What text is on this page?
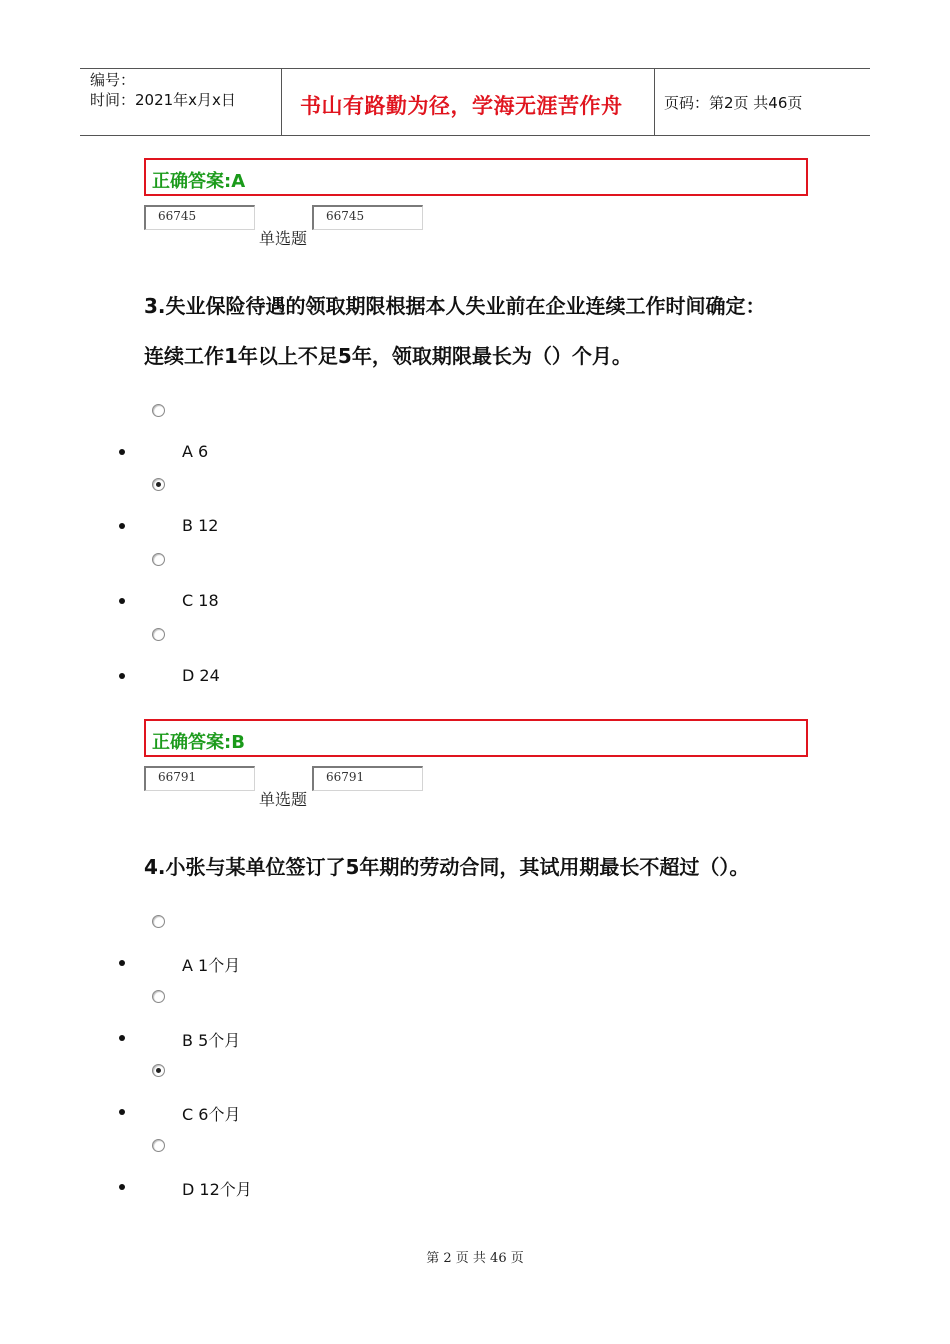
编号：
时间：2021年x月x日	书山有路勤为径，学海无涯苦作舟	页码：第2页 共46页
正确答案:A
66745
单选题
66745
3.失业保险待遇的领取期限根据本人失业前在企业连续工作时间确定：
连续工作1年以上不足5年，领取期限最长为（）个月。
A 6
B 12
C 18
D 24
正确答案:B
66791
单选题
66791
4.小张与某单位签订了5年期的劳动合同，其试用期最长不超过（）。
A 1个月
B 5个月
C 6个月
D 12个月
第 2 页 共 46 页
